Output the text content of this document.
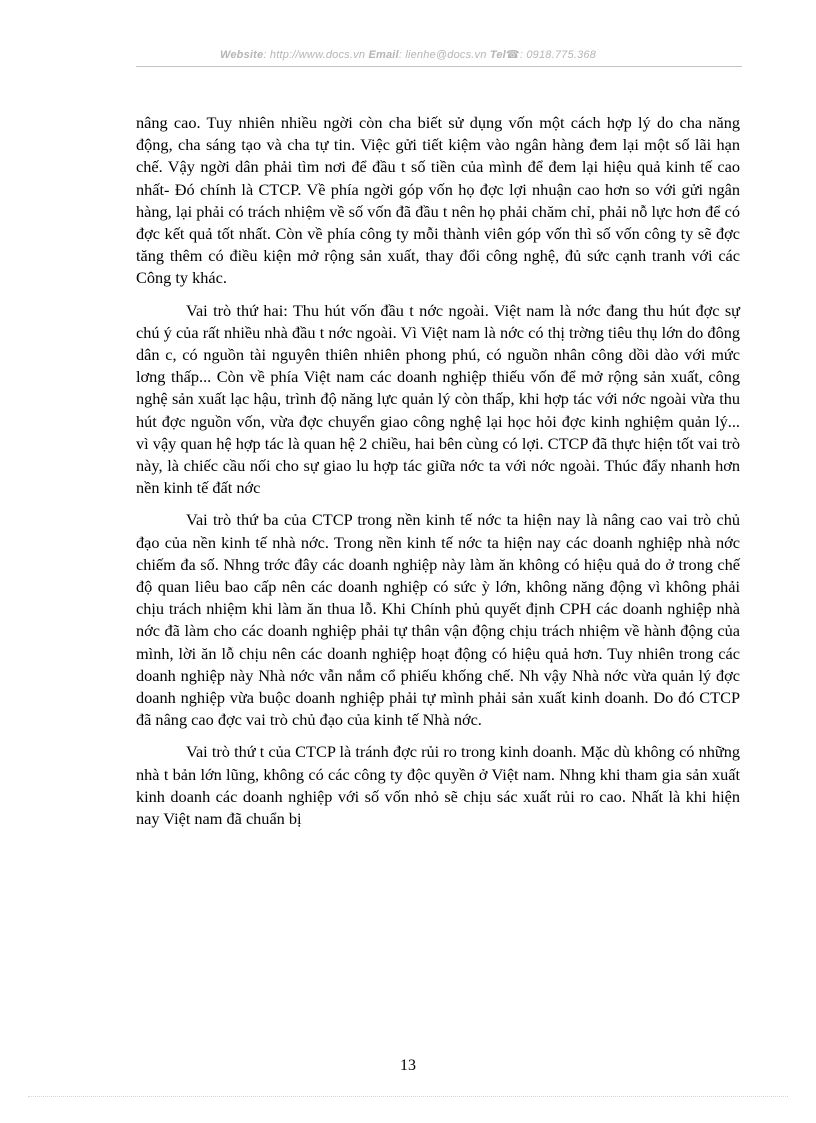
Website: http://www.docs.vn Email: lienhe@docs.vn Tel☎: 0918.775.368

nâng cao. Tuy nhiên nhiều ngời còn cha biết sử dụng vốn một cách hợp lý do cha năng động, cha sáng tạo và cha tự tin. Việc gửi tiết kiệm vào ngân hàng đem lại một số lãi hạn chế. Vậy ngời dân phải tìm nơi để đầu t số tiền của mình để đem lại hiệu quả kinh tế cao nhất- Đó chính là CTCP. Về phía ngời góp vốn họ đợc lợi nhuận cao hơn so với gửi ngân hàng, lại phải có trách nhiệm về số vốn đã đầu t nên họ phải chăm chỉ, phải nỗ lực hơn để có đợc kết quả tốt nhất. Còn về phía công ty mỗi thành viên góp vốn thì số vốn công ty sẽ đợc tăng thêm có điều kiện mở rộng sản xuất, thay đổi công nghệ, đủ sức cạnh tranh với các Công ty khác.

Vai trò thứ hai: Thu hút vốn đầu t nớc ngoài. Việt nam là nớc đang thu hút đợc sự chú ý của rất nhiều nhà đầu t nớc ngoài. Vì Việt nam là nớc có thị trờng tiêu thụ lớn do đông dân c, có nguồn tài nguyên thiên nhiên phong phú, có nguồn nhân công dồi dào với mức lơng thấp... Còn về phía Việt nam các doanh nghiệp thiếu vốn để mở rộng sản xuất, công nghệ sản xuất lạc hậu, trình độ năng lực quản lý còn thấp, khi hợp tác với nớc ngoài vừa thu hút đợc nguồn vốn, vừa đợc chuyển giao công nghệ lại học hỏi đợc kinh nghiệm quản lý... vì vậy quan hệ hợp tác là quan hệ 2 chiều, hai bên cùng có lợi. CTCP đã thực hiện tốt vai trò này, là chiếc cầu nối cho sự giao lu hợp tác giữa nớc ta với nớc ngoài. Thúc đẩy nhanh hơn nền kinh tế đất nớc

Vai trò thứ ba của CTCP trong nền kinh tế nớc ta hiện nay là nâng cao vai trò chủ đạo của nền kinh tế nhà nớc. Trong nền kinh tế nớc ta hiện nay các doanh nghiệp nhà nớc chiếm đa số. Nhng trớc đây các doanh nghiệp này làm ăn không có hiệu quả do ở trong chế độ quan liêu bao cấp nên các doanh nghiệp có sức ỳ lớn, không năng động vì không phải chịu trách nhiệm khi làm ăn thua lỗ. Khi Chính phủ quyết định CPH các doanh nghiệp nhà nớc đã làm cho các doanh nghiệp phải tự thân vận động chịu trách nhiệm về hành động của mình, lời ăn lỗ chịu nên các doanh nghiệp hoạt động có hiệu quả hơn. Tuy nhiên trong các doanh nghiệp này Nhà nớc vẫn nắm cổ phiếu khống chế. Nh vậy Nhà nớc vừa quản lý đợc doanh nghiệp vừa buộc doanh nghiệp phải tự mình phải sản xuất kinh doanh. Do đó CTCP đã nâng cao đợc vai trò chủ đạo của kinh tế Nhà nớc.

Vai trò thứ t của CTCP là tránh đợc rủi ro trong kinh doanh. Mặc dù không có những nhà t bản lớn lũng, không có các công ty độc quyền ở Việt nam. Nhng khi tham gia sản xuất kinh doanh các doanh nghiệp với số vốn nhỏ sẽ chịu sác xuất rủi ro cao. Nhất là khi hiện nay Việt nam đã chuẩn bị

13
